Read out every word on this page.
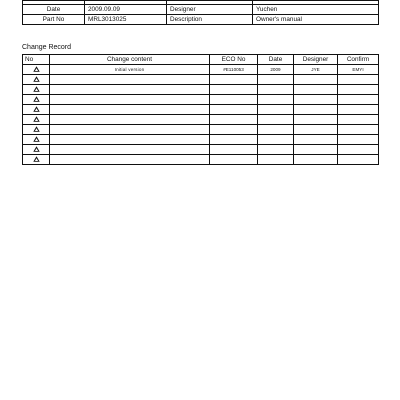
Date	2009.09.09	Designer	Yuchen
Part No	MRL3013025	Description	Owner's manual
Change Record
No	Change content	ECO No	Date	Designer	Confirm
	Initial version	#E110053	2009	JYE	EMYI
